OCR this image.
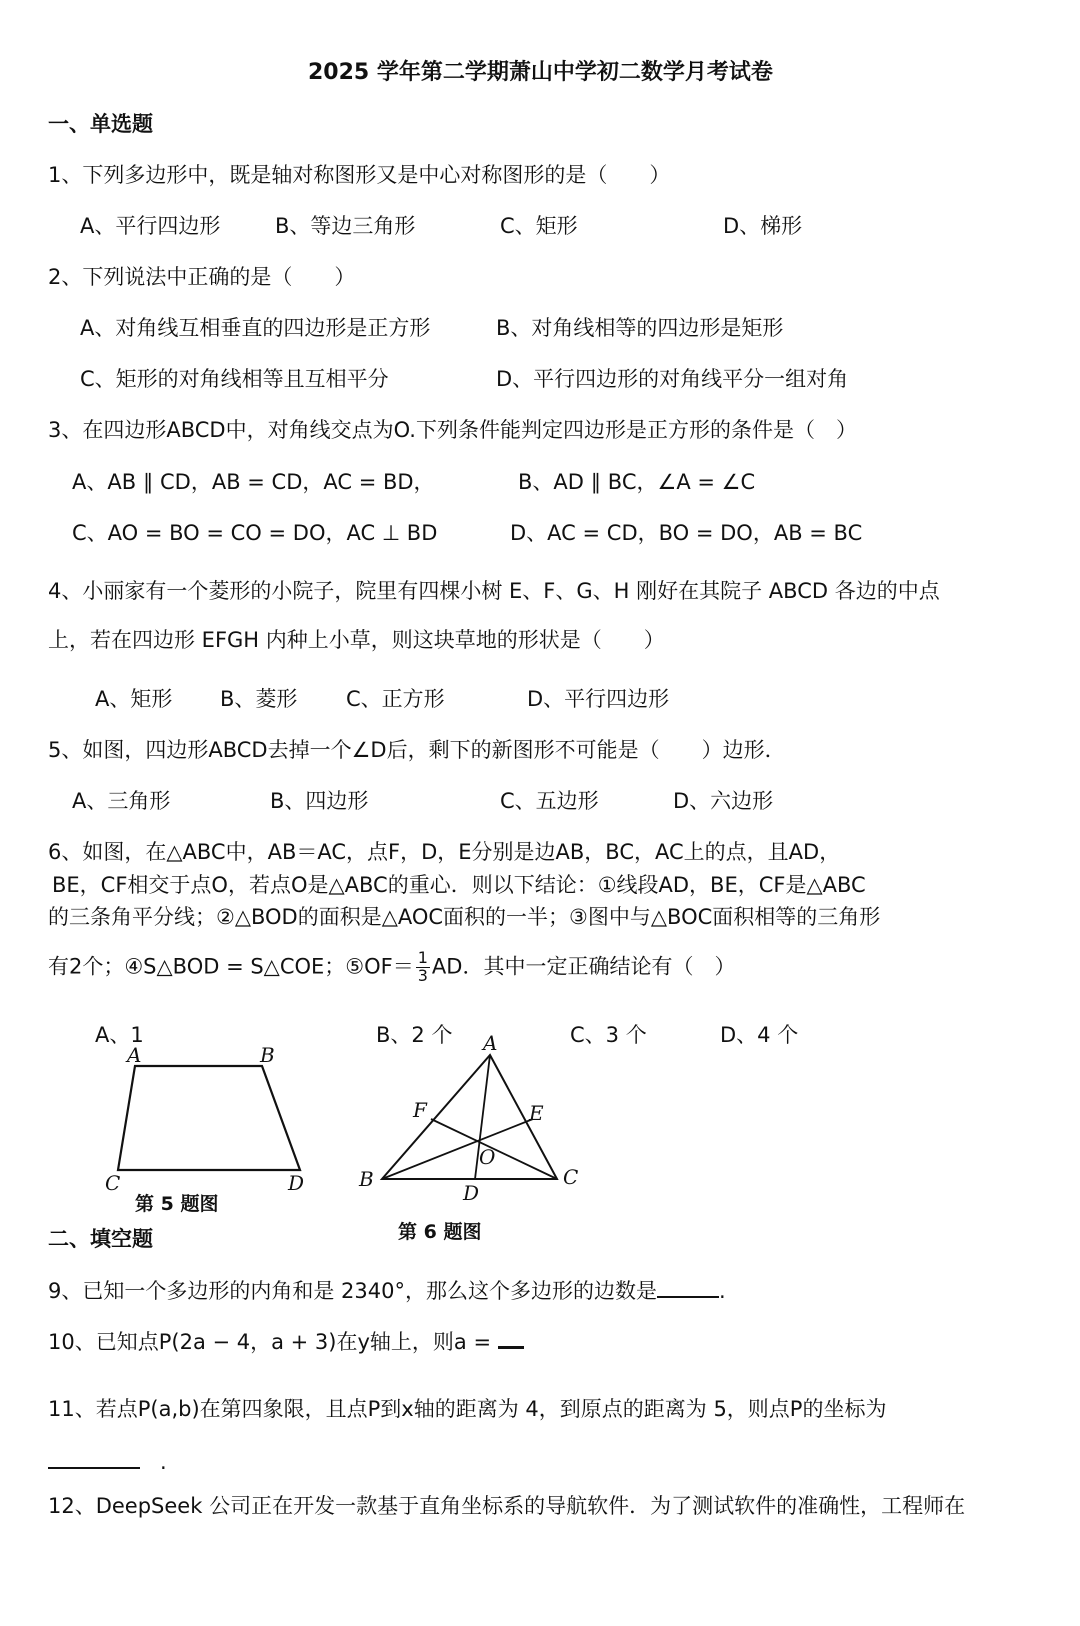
2025 学年第二学期萧山中学初二数学月考试卷
一、单选题
1、下列多边形中，既是轴对称图形又是中心对称图形的是（　　）
A、平行四边形	B、等边三角形	C、矩形	D、梯形
2、下列说法中正确的是（　　）
A、对角线互相垂直的四边形是正方形	B、对角线相等的四边形是矩形
C、矩形的对角线相等且互相平分	D、平行四边形的对角线平分一组对角
3、在四边形ABCD中，对角线交点为O.下列条件能判定四边形是正方形的条件是（　）
A、AB ∥ CD，AB = CD，AC = BD，	B、AD ∥ BC，∠A = ∠C
C、AO = BO = CO = DO，AC ⊥ BD	D、AC = CD，BO = DO，AB = BC
4、小丽家有一个菱形的小院子，院里有四棵小树 E、F、G、H 刚好在其院子 ABCD 各边的中点
上，若在四边形 EFGH 内种上小草，则这块草地的形状是（　　）
A、矩形 B、菱形 C、正方形	D、平行四边形
5、如图，四边形ABCD去掉一个∠D后，剩下的新图形不可能是（　　）边形．
A、三角形	B、四边形	C、五边形	D、六边形
6、如图，在△ABC中，AB＝AC，点F，D，E分别是边AB，BC，AC上的点，且AD，
BE，CF相交于点O，若点O是△ABC的重心．则以下结论：①线段AD，BE，CF是△ABC
的三条角平分线；②△BOD的面积是△AOC面积的一半；③图中与△BOC面积相等的三角形
有2个；④S△BOD = S△COE；⑤OF＝ $\frac{1}{3}$ AD．其中一定正确结论有（　）
A、1	B、2 个	C、3 个	D、4 个
A	B
C	D
第 5 题图
A
B	C
D
E
F
O
第 6 题图
二、填空题
9、已知一个多边形的内角和是 2340°，那么这个多边形的边数是	.
10、已知点P(2a − 4，a + 3)在y轴上，则a =
11、若点P(a,b)在第四象限，且点P到x轴的距离为 4，到原点的距离为 5，则点P的坐标为
.
12、DeepSeek 公司正在开发一款基于直角坐标系的导航软件．为了测试软件的准确性，工程师在
